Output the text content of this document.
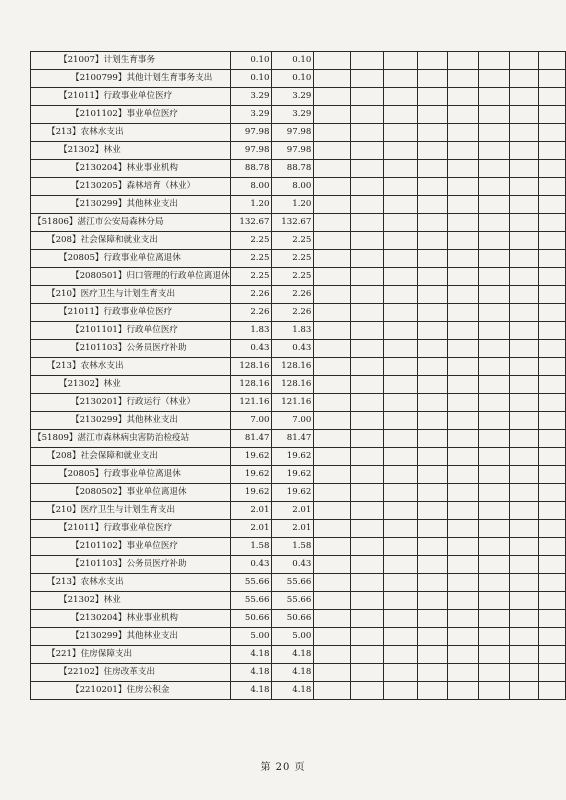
【21007】计划生育事务	0.10	0.10								
【2100799】其他计划生育事务支出	0.10	0.10								
【21011】行政事业单位医疗	3.29	3.29								
【2101102】事业单位医疗	3.29	3.29								
【213】农林水支出	97.98	97.98								
【21302】林业	97.98	97.98								
【2130204】林业事业机构	88.78	88.78								
【2130205】森林培育（林业）	8.00	8.00								
【2130299】其他林业支出	1.20	1.20								
【51806】湛江市公安局森林分局	132.67	132.67								
【208】社会保障和就业支出	2.25	2.25								
【20805】行政事业单位离退休	2.25	2.25								
【2080501】归口管理的行政单位离退休	2.25	2.25								
【210】医疗卫生与计划生育支出	2.26	2.26								
【21011】行政事业单位医疗	2.26	2.26								
【2101101】行政单位医疗	1.83	1.83								
【2101103】公务员医疗补助	0.43	0.43								
【213】农林水支出	128.16	128.16								
【21302】林业	128.16	128.16								
【2130201】行政运行（林业）	121.16	121.16								
【2130299】其他林业支出	7.00	7.00								
【51809】湛江市森林病虫害防治检疫站	81.47	81.47								
【208】社会保障和就业支出	19.62	19.62								
【20805】行政事业单位离退休	19.62	19.62								
【2080502】事业单位离退休	19.62	19.62								
【210】医疗卫生与计划生育支出	2.01	2.01								
【21011】行政事业单位医疗	2.01	2.01								
【2101102】事业单位医疗	1.58	1.58								
【2101103】公务员医疗补助	0.43	0.43								
【213】农林水支出	55.66	55.66								
【21302】林业	55.66	55.66								
【2130204】林业事业机构	50.66	50.66								
【2130299】其他林业支出	5.00	5.00								
【221】住房保障支出	4.18	4.18								
【22102】住房改革支出	4.18	4.18								
【2210201】住房公积金	4.18	4.18								
第 20 页
